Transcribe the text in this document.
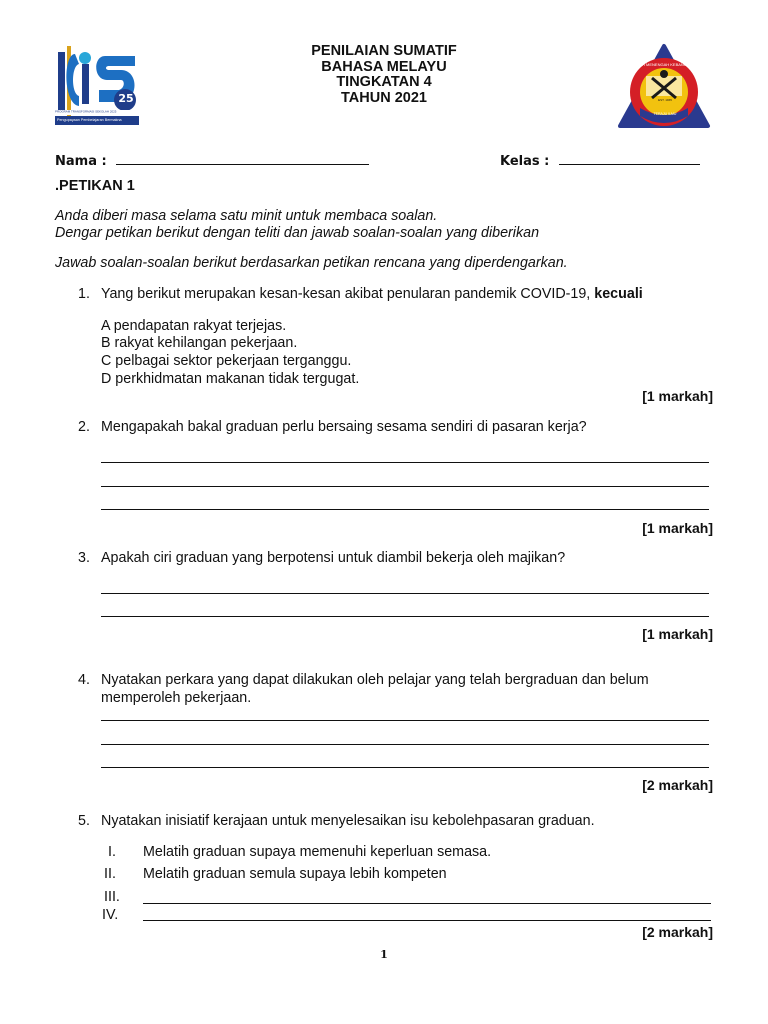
25
PROGRAM TRANSFORMASI SEKOLAH 2025
Pengupayaan Pembelajaran Bermakna
PENILAIAN SUMATIF
BAHASA MELAYU
TINGKATAN 4
TAHUN 2021
SEKOLAH MENENGAH KEBANGSAAN LONG LAMA
EST. 1965
TERAJU ILMU
Nama :	Kelas :
.PETIKAN 1
Anda diberi masa selama satu minit untuk membaca soalan.
Dengar petikan berikut dengan teliti dan jawab soalan-soalan yang diberikan
Jawab soalan-soalan berikut berdasarkan petikan rencana yang diperdengarkan.
1. Yang berikut merupakan kesan-kesan akibat penularan pandemik COVID-19, kecuali
A pendapatan rakyat terjejas.
B rakyat kehilangan pekerjaan.
C pelbagai sektor pekerjaan terganggu.
D perkhidmatan makanan tidak tergugat.
[1 markah]
2. Mengapakah bakal graduan perlu bersaing sesama sendiri di pasaran kerja?
[1 markah]
3. Apakah ciri graduan yang berpotensi untuk diambil bekerja oleh majikan?
[1 markah]
4. Nyatakan perkara yang dapat dilakukan oleh pelajar yang telah bergraduan dan belum
memperoleh pekerjaan.
[2 markah]
5. Nyatakan inisiatif kerajaan untuk menyelesaikan isu kebolehpasaran graduan.
I. Melatih graduan supaya memenuhi keperluan semasa.
II. Melatih graduan semula supaya lebih kompeten
III.
IV.
[2 markah]
1
